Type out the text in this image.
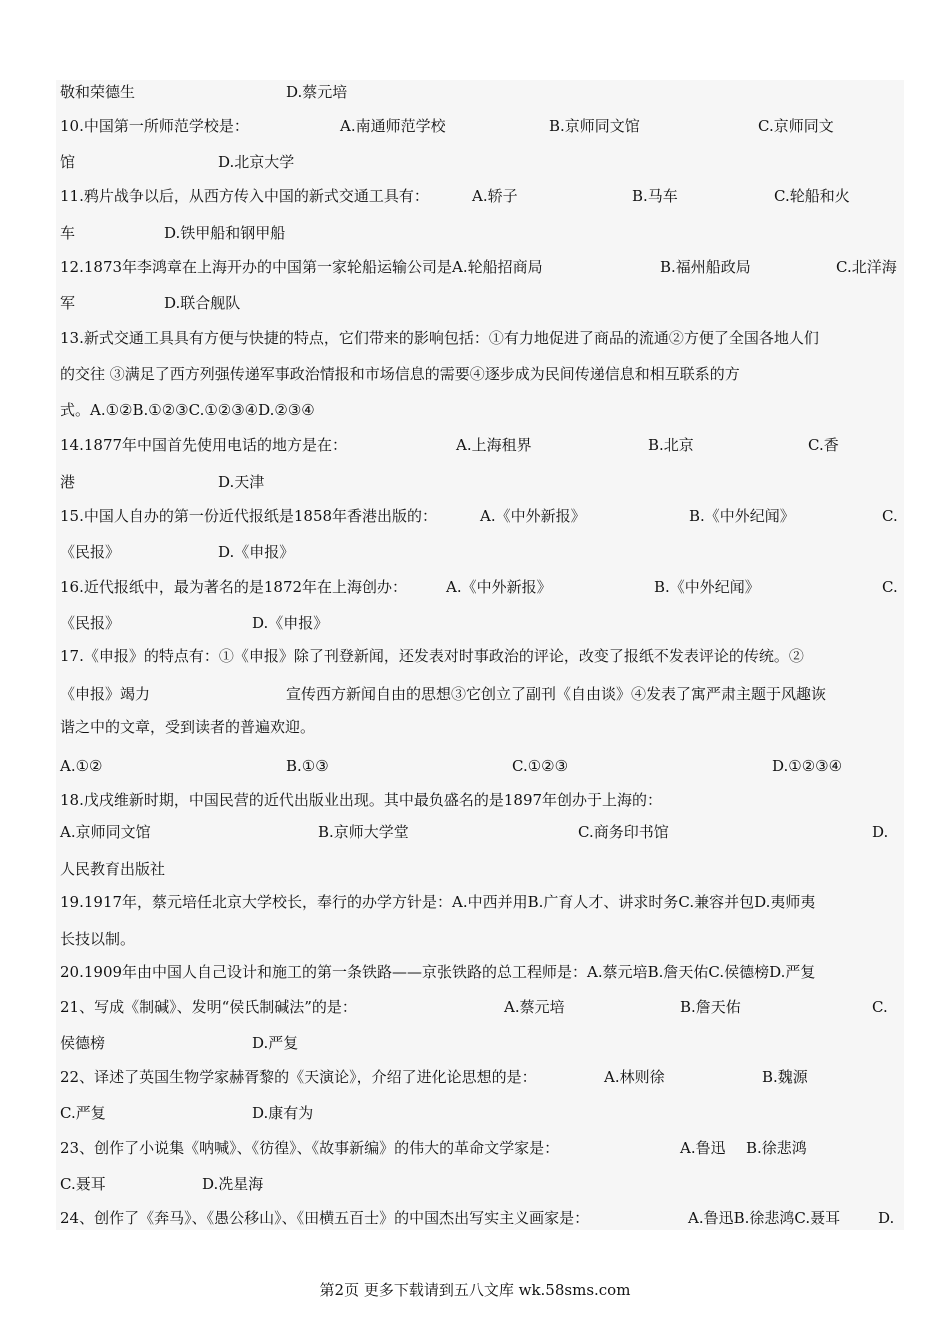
敬和荣德生	D.蔡元培
10.中国第一所师范学校是：	A.南通师范学校	B.京师同文馆	C.京师同文
馆	D.北京大学
11.鸦片战争以后，从西方传入中国的新式交通工具有：	A.轿子	B.马车	C.轮船和火
车	D.铁甲船和钢甲船
12.1873年李鸿章在上海开办的中国第一家轮船运输公司是A.轮船招商局	B.福州船政局	C.北洋海
军	D.联合舰队
13.新式交通工具具有方便与快捷的特点，它们带来的影响包括：①有力地促进了商品的流通②方便了全国各地人们
的交往 ③满足了西方列强传递军事政治情报和市场信息的需要④逐步成为民间传递信息和相互联系的方
式。A.①②B.①②③C.①②③④D.②③④
14.1877年中国首先使用电话的地方是在：	A.上海租界	B.北京	C.香
港	D.天津
15.中国人自办的第一份近代报纸是1858年香港出版的：	A.《中外新报》	B.《中外纪闻》	C.
《民报》	D.《申报》
16.近代报纸中，最为著名的是1872年在上海创办：	A.《中外新报》	B.《中外纪闻》	C.
《民报》	D.《申报》
17.《申报》的特点有：①《申报》除了刊登新闻，还发表对时事政治的评论，改变了报纸不发表评论的传统。②
《申报》竭力	宣传西方新闻自由的思想③它创立了副刊《自由谈》④发表了寓严肃主题于风趣诙
谐之中的文章，受到读者的普遍欢迎。
A.①②	B.①③	C.①②③	D.①②③④
18.戊戌维新时期，中国民营的近代出版业出现。其中最负盛名的是1897年创办于上海的：
A.京师同文馆	B.京师大学堂	C.商务印书馆	D.
人民教育出版社
19.1917年，蔡元培任北京大学校长，奉行的办学方针是：A.中西并用B.广育人才、讲求时务C.兼容并包D.夷师夷
长技以制。
20.1909年由中国人自己设计和施工的第一条铁路——京张铁路的总工程师是：A.蔡元培B.詹天佑C.侯德榜D.严复
21、写成《制碱》、发明“侯氏制碱法”的是：	A.蔡元培	B.詹天佑	C.
侯德榜	D.严复
22、译述了英国生物学家赫胥黎的《天演论》，介绍了进化论思想的是：	A.林则徐	B.魏源
C.严复	D.康有为
23、创作了小说集《呐喊》、《彷徨》、《故事新编》的伟大的革命文学家是：	A.鲁迅 B.徐悲鸿
C.聂耳	D.冼星海
24、创作了《奔马》、《愚公移山》、《田横五百士》的中国杰出写实主义画家是：	A.鲁迅B.徐悲鸿C.聂耳	D.
第2页 更多下载请到五八文库 wk.58sms.com
